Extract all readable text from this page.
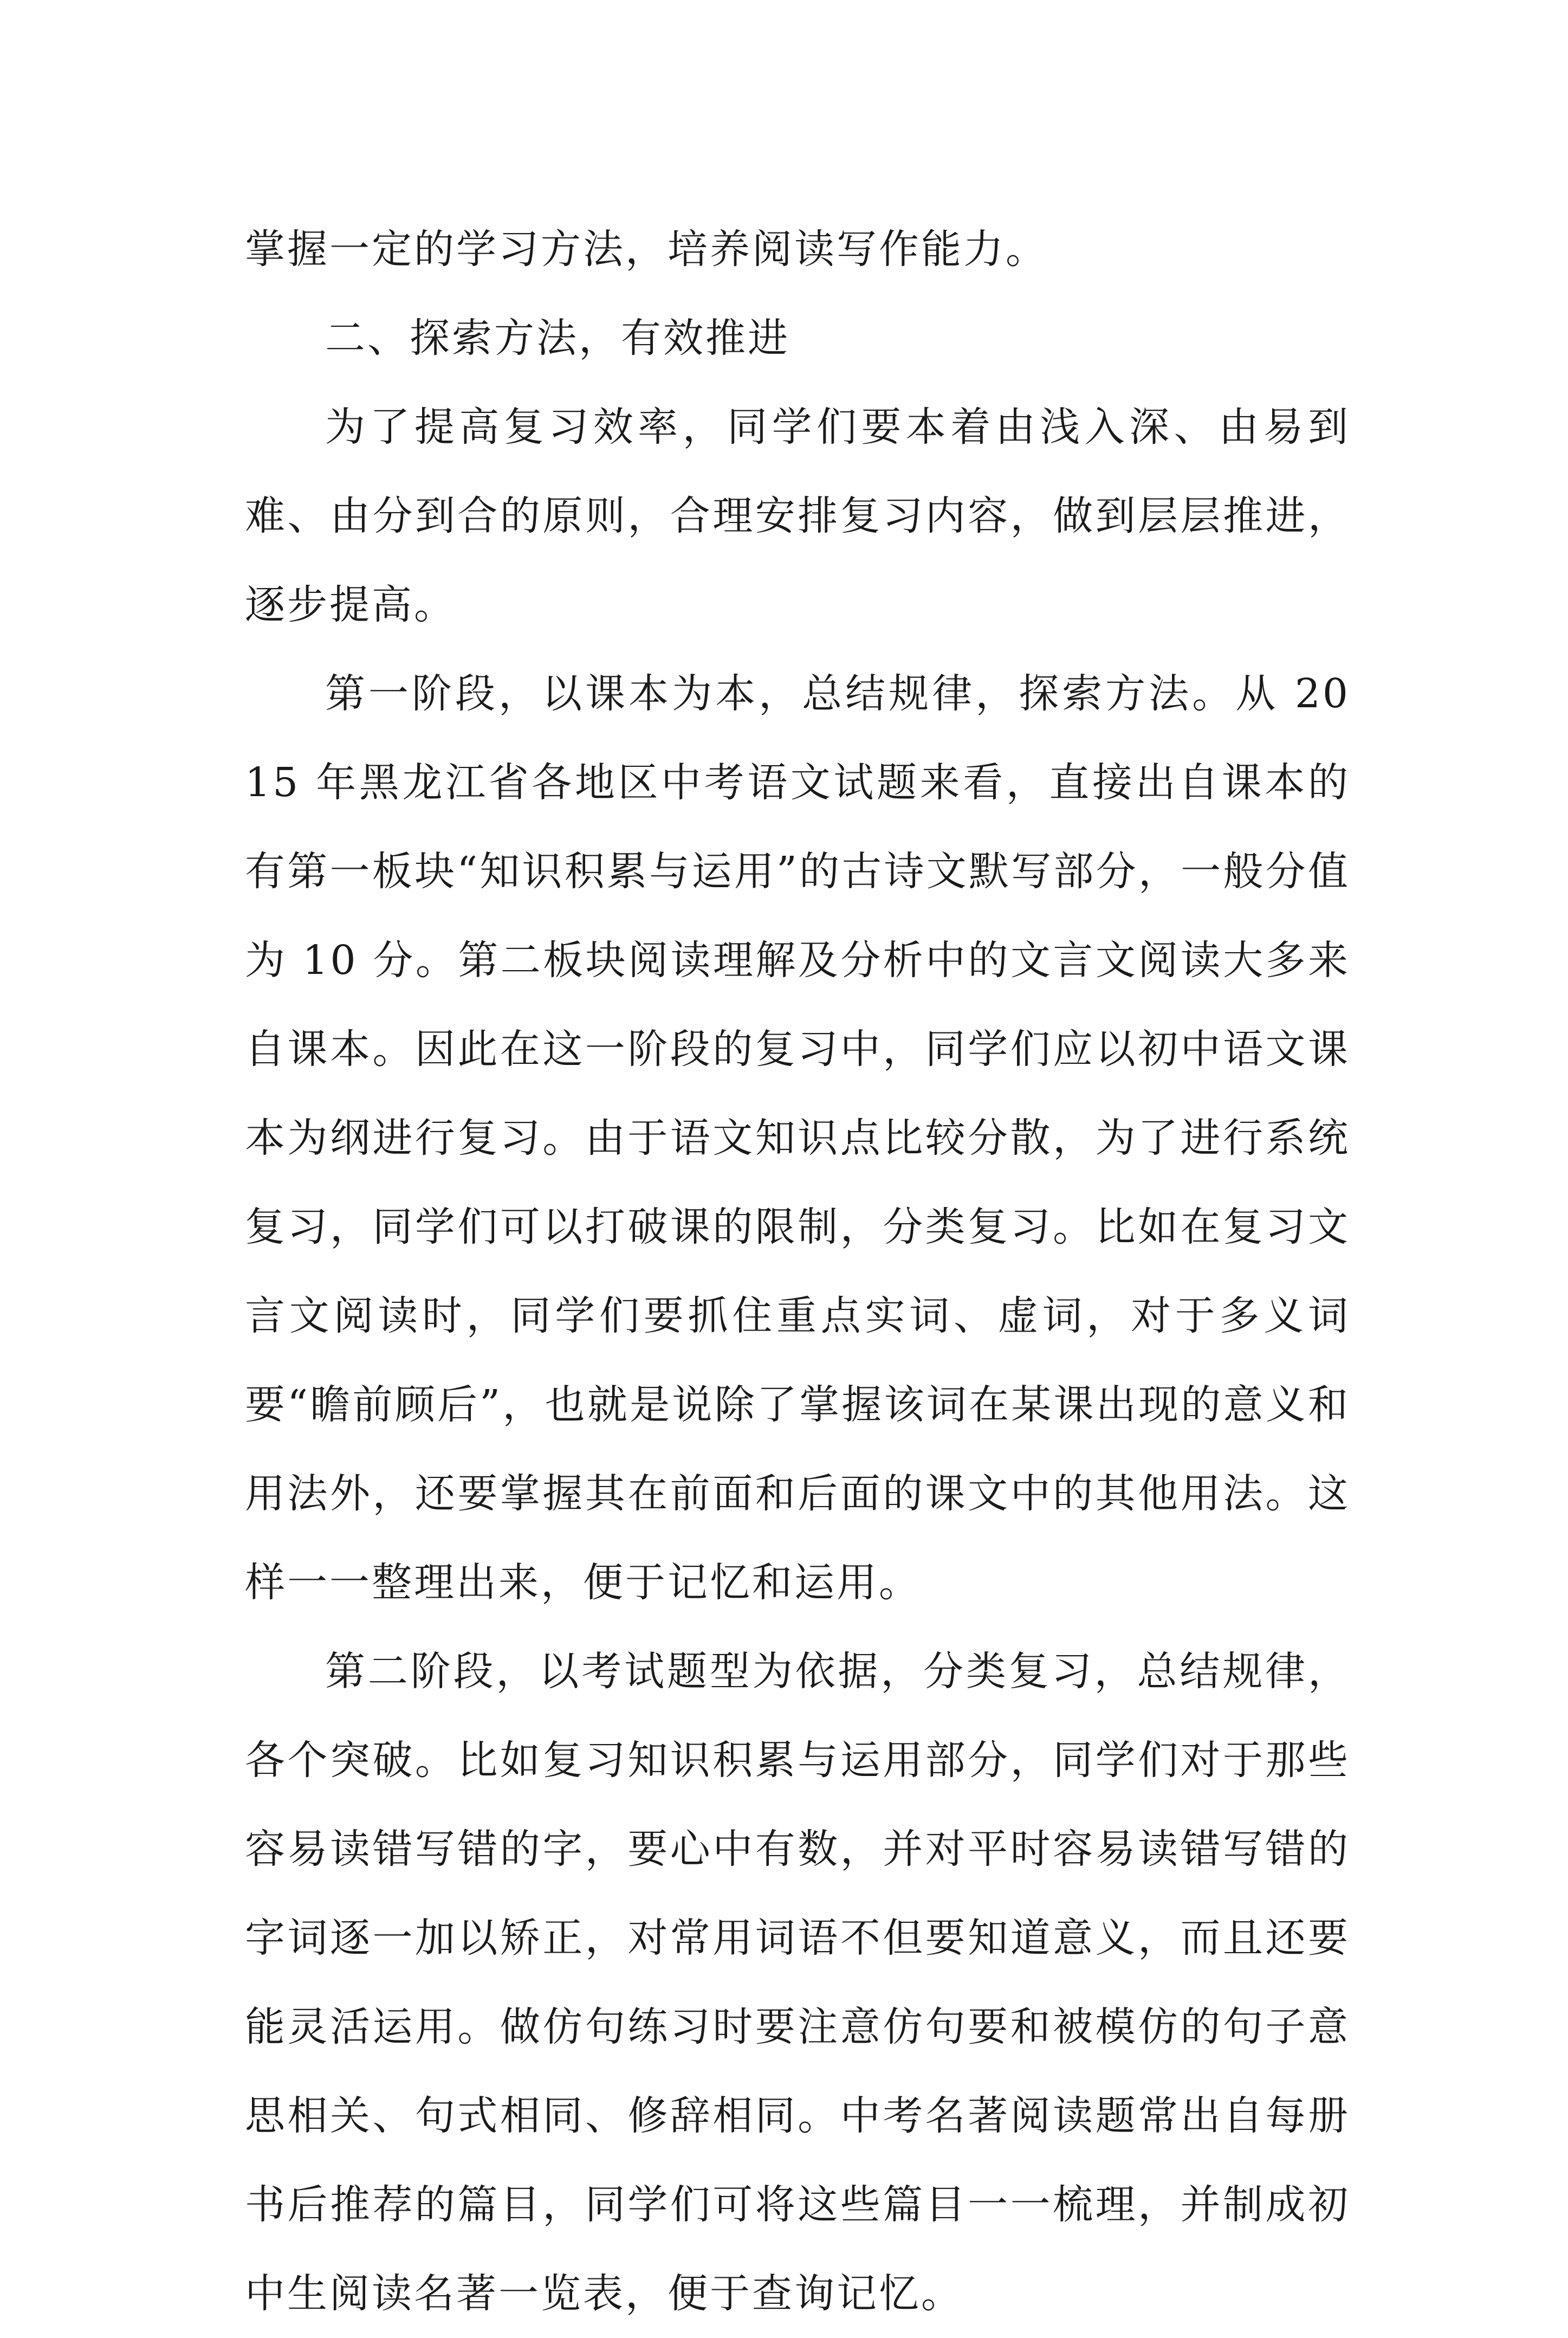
掌握一定的学习方法，培养阅读写作能力。

二、探索方法，有效推进

为了提高复习效率，同学们要本着由浅入深、由易到难、由分到合的原则，合理安排复习内容，做到层层推进，逐步提高。

第一阶段，以课本为本，总结规律，探索方法。从 2015 年黑龙江省各地区中考语文试题来看，直接出自课本的有第一板块“知识积累与运用”的古诗文默写部分，一般分值为 10 分。第二板块阅读理解及分析中的文言文阅读大多来自课本。因此在这一阶段的复习中，同学们应以初中语文课本为纲进行复习。由于语文知识点比较分散，为了进行系统复习，同学们可以打破课的限制，分类复习。比如在复习文言文阅读时，同学们要抓住重点实词、虚词，对于多义词要“瞻前顾后”，也就是说除了掌握该词在某课出现的意义和用法外，还要掌握其在前面和后面的课文中的其他用法。这样一一整理出来，便于记忆和运用。

第二阶段，以考试题型为依据，分类复习，总结规律，各个突破。比如复习知识积累与运用部分，同学们对于那些容易读错写错的字，要心中有数，并对平时容易读错写错的字词逐一加以矫正，对常用词语不但要知道意义，而且还要能灵活运用。做仿句练习时要注意仿句要和被模仿的句子意思相关、句式相同、修辞相同。中考名著阅读题常出自每册书后推荐的篇目，同学们可将这些篇目一一梳理，并制成初中生阅读名著一览表，便于查询记忆。
